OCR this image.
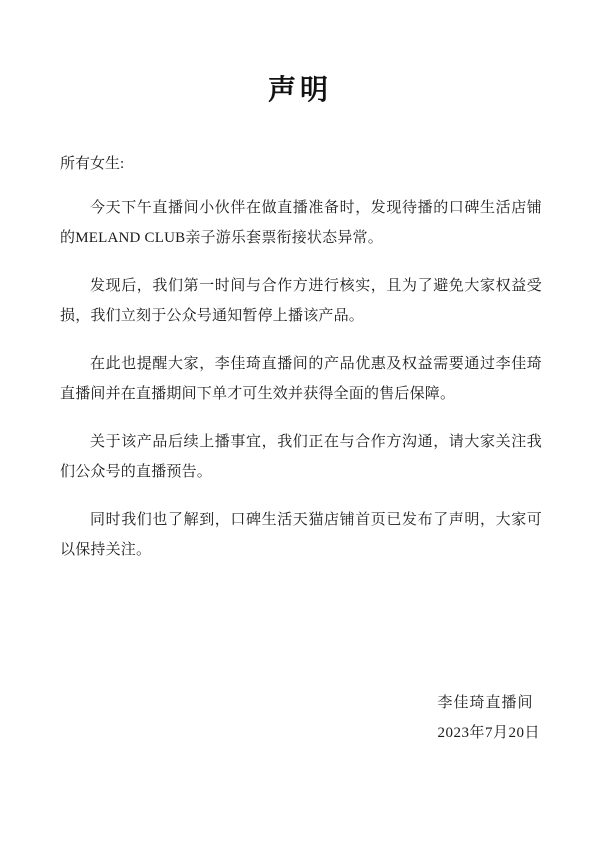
声明

所有女生:

今天下午直播间小伙伴在做直播准备时，发现待播的口碑生活店铺的MELAND CLUB亲子游乐套票衔接状态异常。

发现后，我们第一时间与合作方进行核实，且为了避免大家权益受损，我们立刻于公众号通知暂停上播该产品。

在此也提醒大家，李佳琦直播间的产品优惠及权益需要通过李佳琦直播间并在直播期间下单才可生效并获得全面的售后保障。

关于该产品后续上播事宜，我们正在与合作方沟通，请大家关注我们公众号的直播预告。

同时我们也了解到，口碑生活天猫店铺首页已发布了声明，大家可以保持关注。

李佳琦直播间

2023年7月20日
